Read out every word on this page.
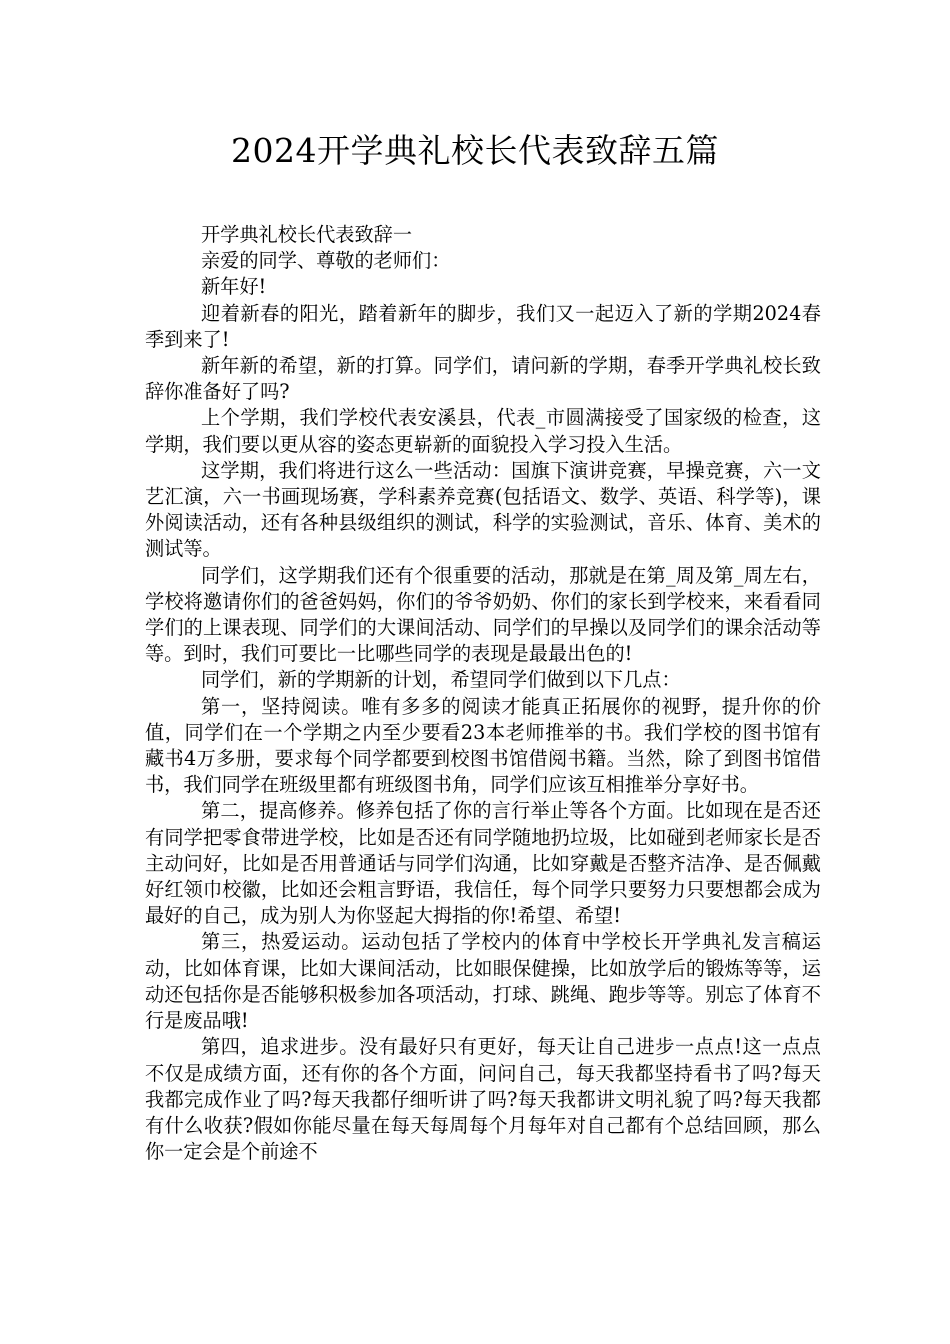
2024开学典礼校长代表致辞五篇

开学典礼校长代表致辞一

亲爱的同学、尊敬的老师们：

新年好!

迎着新春的阳光，踏着新年的脚步，我们又一起迈入了新的学期2024春季到来了!

新年新的希望，新的打算。同学们，请问新的学期，春季开学典礼校长致辞你准备好了吗?

上个学期，我们学校代表安溪县，代表_市圆满接受了国家级的检查，这学期，我们要以更从容的姿态更崭新的面貌投入学习投入生活。

这学期，我们将进行这么一些活动：国旗下演讲竞赛，早操竞赛，六一文艺汇演，六一书画现场赛，学科素养竞赛(包括语文、数学、英语、科学等)，课外阅读活动，还有各种县级组织的测试，科学的实验测试，音乐、体育、美术的测试等。

同学们，这学期我们还有个很重要的活动，那就是在第_周及第_周左右，学校将邀请你们的爸爸妈妈，你们的爷爷奶奶、你们的家长到学校来，来看看同学们的上课表现、同学们的大课间活动、同学们的早操以及同学们的课余活动等等。到时，我们可要比一比哪些同学的表现是最最出色的!

同学们，新的学期新的计划，希望同学们做到以下几点：

第一，坚持阅读。唯有多多的阅读才能真正拓展你的视野，提升你的价值，同学们在一个学期之内至少要看23本老师推举的书。我们学校的图书馆有藏书4万多册，要求每个同学都要到校图书馆借阅书籍。当然，除了到图书馆借书，我们同学在班级里都有班级图书角，同学们应该互相推举分享好书。

第二，提高修养。修养包括了你的言行举止等各个方面。比如现在是否还有同学把零食带进学校，比如是否还有同学随地扔垃圾，比如碰到老师家长是否主动问好，比如是否用普通话与同学们沟通，比如穿戴是否整齐洁净、是否佩戴好红领巾校徽，比如还会粗言野语，我信任，每个同学只要努力只要想都会成为最好的自己，成为别人为你竖起大拇指的你!希望、希望!

第三，热爱运动。运动包括了学校内的体育中学校长开学典礼发言稿运动，比如体育课，比如大课间活动，比如眼保健操，比如放学后的锻炼等等，运动还包括你是否能够积极参加各项活动，打球、跳绳、跑步等等。别忘了体育不行是废品哦!

第四，追求进步。没有最好只有更好，每天让自己进步一点点!这一点点不仅是成绩方面，还有你的各个方面，问问自己，每天我都坚持看书了吗?每天我都完成作业了吗?每天我都仔细听讲了吗?每天我都讲文明礼貌了吗?每天我都有什么收获?假如你能尽量在每天每周每个月每年对自己都有个总结回顾，那么你一定会是个前途不
